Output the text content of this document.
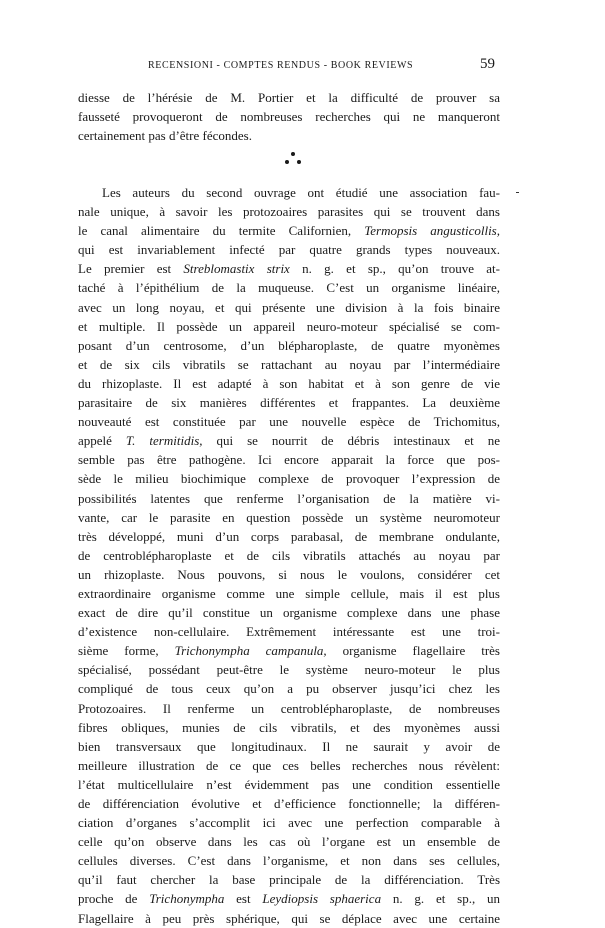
RECENSIONI - COMPTES RENDUS - BOOK REVIEWS	59
diesse de l’hérésie de M. Portier et la difficulté de prouver sa
fausseté provoqueront de nombreuses recherches qui ne manqueront
certainement pas d’être fécondes.
Les auteurs du second ouvrage ont étudié une association fau-
nale unique, à savoir les protozoaires parasites qui se trouvent dans
le canal alimentaire du termite Californien, Termopsis angusticollis,
qui est invariablement infecté par quatre grands types nouveaux.
Le premier est Streblomastix strix n. g. et sp., qu’on trouve at-
taché à l’épithélium de la muqueuse. C’est un organisme linéaire,
avec un long noyau, et qui présente une division à la fois binaire
et multiple. Il possède un appareil neuro-moteur spécialisé se com-
posant d’un centrosome, d’un blépharoplaste, de quatre myonèmes
et de six cils vibratils se rattachant au noyau par l’intermédiaire
du rhizoplaste. Il est adapté à son habitat et à son genre de vie
parasitaire de six manières différentes et frappantes. La deuxième
nouveauté est constituée par une nouvelle espèce de Trichomitus,
appelé T. termitidis, qui se nourrit de débris intestinaux et ne
semble pas être pathogène. Ici encore apparait la force que pos-
sède le milieu biochimique complexe de provoquer l’expression de
possibilités latentes que renferme l’organisation de la matière vi-
vante, car le parasite en question possède un système neuromoteur
très développé, muni d’un corps parabasal, de membrane ondulante,
de centroblépharoplaste et de cils vibratils attachés au noyau par
un rhizoplaste. Nous pouvons, si nous le voulons, considérer cet
extraordinaire organisme comme une simple cellule, mais il est plus
exact de dire qu’il constitue un organisme complexe dans une phase
d’existence non-cellulaire. Extrêmement intéressante est une troi-
sième forme, Trichonympha campanula, organisme flagellaire très
spécialisé, possédant peut-être le système neuro-moteur le plus
compliqué de tous ceux qu’on a pu observer jusqu’ici chez les
Protozoaires. Il renferme un centroblépharoplaste, de nombreuses
fibres obliques, munies de cils vibratils, et des myonèmes aussi
bien transversaux que longitudinaux. Il ne saurait y avoir de
meilleure illustration de ce que ces belles recherches nous révèlent:
l’état multicellulaire n’est évidemment pas une condition essentielle
de différenciation évolutive et d’efficience fonctionnelle; la différen-
ciation d’organes s’accomplit ici avec une perfection comparable à
celle qu’on observe dans les cas où l’organe est un ensemble de
cellules diverses. C’est dans l’organisme, et non dans ses cellules,
qu’il faut chercher la base principale de la différenciation. Très
proche de Trichonympha est Leydiopsis sphaerica n. g. et sp., un
Flagellaire à peu près sphérique, qui se déplace avec une certaine
